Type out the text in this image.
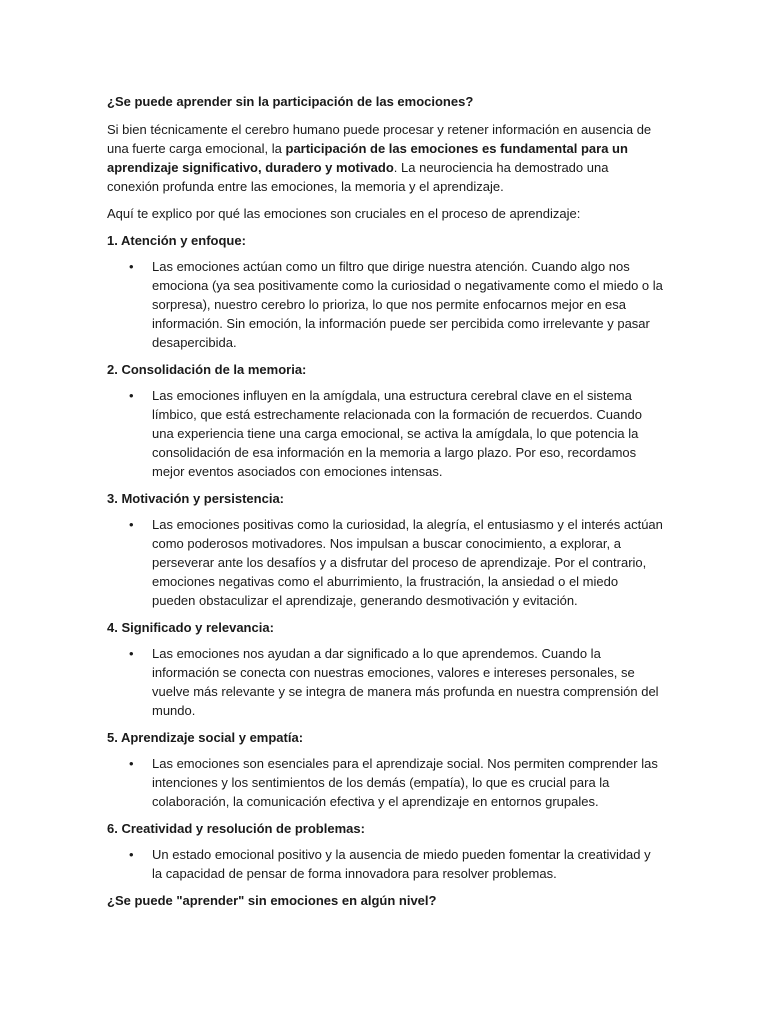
¿Se puede aprender sin la participación de las emociones?

Si bien técnicamente el cerebro humano puede procesar y retener información en ausencia de una fuerte carga emocional, la participación de las emociones es fundamental para un aprendizaje significativo, duradero y motivado. La neurociencia ha demostrado una conexión profunda entre las emociones, la memoria y el aprendizaje.

Aquí te explico por qué las emociones son cruciales en el proceso de aprendizaje:

1. Atención y enfoque:

• Las emociones actúan como un filtro que dirige nuestra atención. Cuando algo nos emociona (ya sea positivamente como la curiosidad o negativamente como el miedo o la sorpresa), nuestro cerebro lo prioriza, lo que nos permite enfocarnos mejor en esa información. Sin emoción, la información puede ser percibida como irrelevante y pasar desapercibida.

2. Consolidación de la memoria:

• Las emociones influyen en la amígdala, una estructura cerebral clave en el sistema límbico, que está estrechamente relacionada con la formación de recuerdos. Cuando una experiencia tiene una carga emocional, se activa la amígdala, lo que potencia la consolidación de esa información en la memoria a largo plazo. Por eso, recordamos mejor eventos asociados con emociones intensas.

3. Motivación y persistencia:

• Las emociones positivas como la curiosidad, la alegría, el entusiasmo y el interés actúan como poderosos motivadores. Nos impulsan a buscar conocimiento, a explorar, a perseverar ante los desafíos y a disfrutar del proceso de aprendizaje. Por el contrario, emociones negativas como el aburrimiento, la frustración, la ansiedad o el miedo pueden obstaculizar el aprendizaje, generando desmotivación y evitación.

4. Significado y relevancia:

• Las emociones nos ayudan a dar significado a lo que aprendemos. Cuando la información se conecta con nuestras emociones, valores e intereses personales, se vuelve más relevante y se integra de manera más profunda en nuestra comprensión del mundo.

5. Aprendizaje social y empatía:

• Las emociones son esenciales para el aprendizaje social. Nos permiten comprender las intenciones y los sentimientos de los demás (empatía), lo que es crucial para la colaboración, la comunicación efectiva y el aprendizaje en entornos grupales.

6. Creatividad y resolución de problemas:

• Un estado emocional positivo y la ausencia de miedo pueden fomentar la creatividad y la capacidad de pensar de forma innovadora para resolver problemas.

¿Se puede "aprender" sin emociones en algún nivel?
